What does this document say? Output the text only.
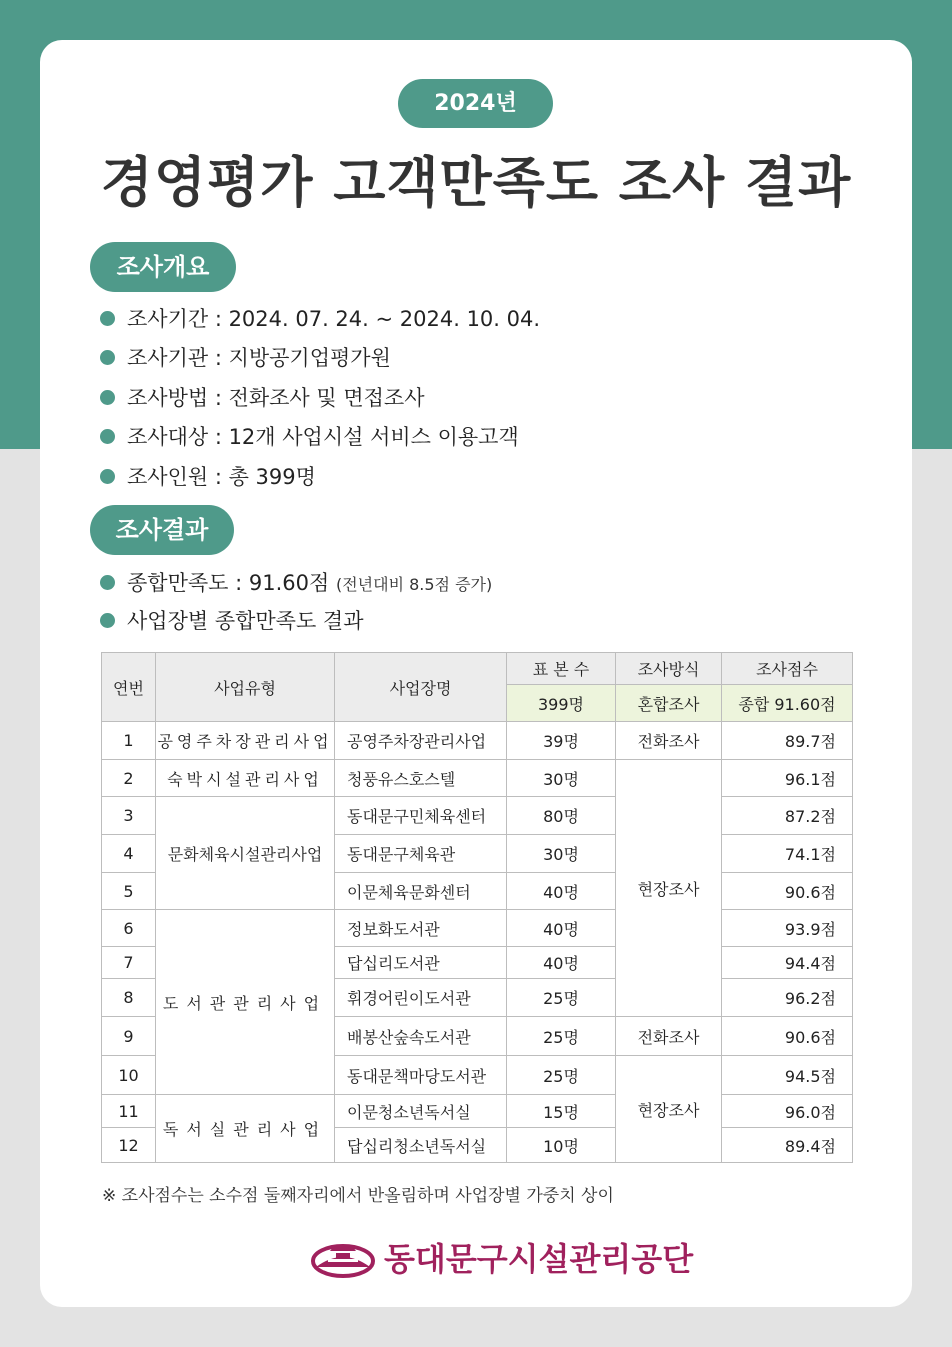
2024년
경영평가 고객만족도 조사 결과
조사개요
조사기간 : 2024. 07. 24. ~ 2024. 10. 04.
조사기관 : 지방공기업평가원
조사방법 : 전화조사 및 면접조사
조사대상 : 12개 사업시설 서비스 이용고객
조사인원 : 총 399명
조사결과
종합만족도 : 91.60점 (전년대비 8.5점 증가)
사업장별 종합만족도 결과
연번	사업유형	사업장명	표 본 수	조사방식	조사점수
			399명	혼합조사	종합 91.60점
1	공영주차장관리사업	공영주차장관리사업	39명	전화조사	89.7점
2	숙박시설관리사업	청풍유스호스텔	30명	현장조사	96.1점
3	문화체육시설관리사업	동대문구민체육센터	80명		87.2점
4		동대문구체육관	30명		74.1점
5		이문체육문화센터	40명		90.6점
6	도서관관리사업	정보화도서관	40명		93.9점
7		답십리도서관	40명		94.4점
8		휘경어린이도서관	25명		96.2점
9		배봉산숲속도서관	25명	전화조사	90.6점
10		동대문책마당도서관	25명	현장조사	94.5점
11	독서실관리사업	이문청소년독서실	15명		96.0점
12		답십리청소년독서실	10명		89.4점
※ 조사점수는 소수점 둘째자리에서 반올림하며 사업장별 가중치 상이
동대문구시설관리공단
